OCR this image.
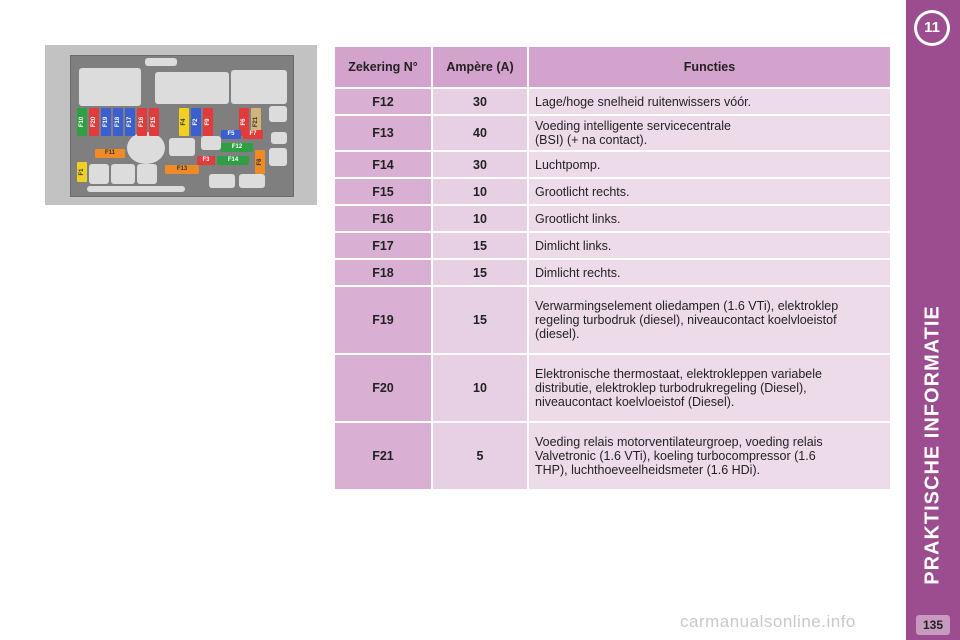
11
PRAKTISCHE INFORMATIE
135
F10 F20 F19 F18 F17 F16 F15	F4 F2 F9	F6 F21
F5	F7
F12
F8
F11
F3	F14
F1	F13
Zekering N°	Ampère (A)	Functies
F12	30	Lage/hoge snelheid ruitenwissers vóór.
F13	40	Voeding intelligente servicecentrale (BSI) (+ na contact).
F14	30	Luchtpomp.
F15	10	Grootlicht rechts.
F16	10	Grootlicht links.
F17	15	Dimlicht links.
F18	15	Dimlicht rechts.
F19	15	Verwarmingselement oliedampen (1.6 VTi), elektroklep regeling turbodruk (diesel), niveaucontact koelvloeistof (diesel).
F20	10	Elektronische thermostaat, elektrokleppen variabele distributie, elektroklep turbodrukregeling (Diesel), niveaucontact koelvloeistof (Diesel).
F21	5	Voeding relais motorventilateurgroep, voeding relais Valvetronic (1.6 VTi), koeling turbocompressor (1.6 THP), luchthoeveelheidsmeter (1.6 HDi).
carmanualsonline.info
